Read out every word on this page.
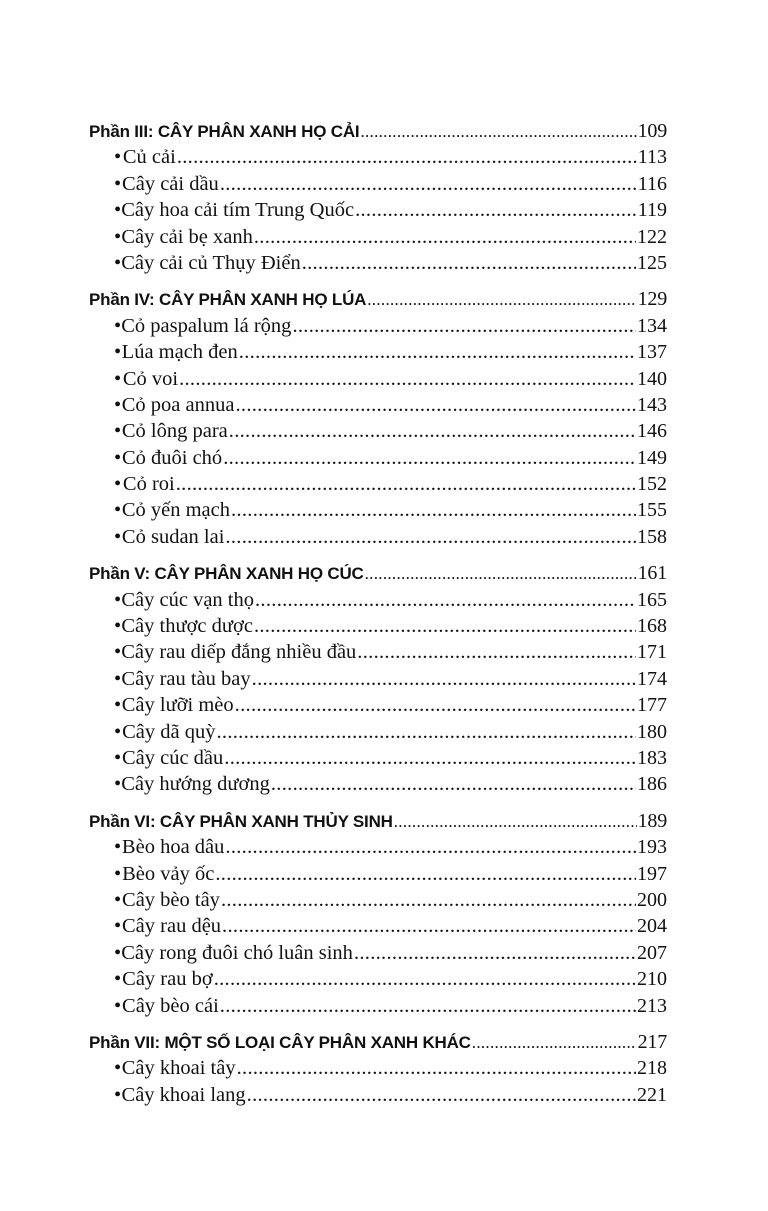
Phần III: CÂY PHÂN XANH HỌ CẢI .....	109
• Củ cải .....	113
• Cây cải dầu .....	116
• Cây hoa cải tím Trung Quốc .....	119
• Cây cải bẹ xanh .....	122
• Cây cải củ Thụy Điển .....	125
Phần IV: CÂY PHÂN XANH HỌ LÚA .....	129
• Cỏ paspalum lá rộng .....	134
• Lúa mạch đen .....	137
• Cỏ voi .....	140
• Cỏ poa annua .....	143
• Cỏ lông para .....	146
• Cỏ đuôi chó .....	149
• Cỏ roi .....	152
• Cỏ yến mạch .....	155
• Cỏ sudan lai .....	158
Phần V: CÂY PHÂN XANH HỌ CÚC .....	161
• Cây cúc vạn thọ .....	165
• Cây thược dược .....	168
• Cây rau diếp đắng nhiều đầu .....	171
• Cây rau tàu bay .....	174
• Cây lưỡi mèo .....	177
• Cây dã quỳ .....	180
• Cây cúc dầu .....	183
• Cây hướng dương .....	186
Phần VI: CÂY PHÂN XANH THỦY SINH .....	189
• Bèo hoa dâu .....	193
• Bèo vảy ốc .....	197
• Cây bèo tây .....	200
• Cây rau dệu .....	204
• Cây rong đuôi chó luân sinh .....	207
• Cây rau bợ .....	210
• Cây bèo cái .....	213
Phần VII: MỘT SỐ LOẠI CÂY PHÂN XANH KHÁC .....	217
• Cây khoai tây .....	218
• Cây khoai lang .....	221
